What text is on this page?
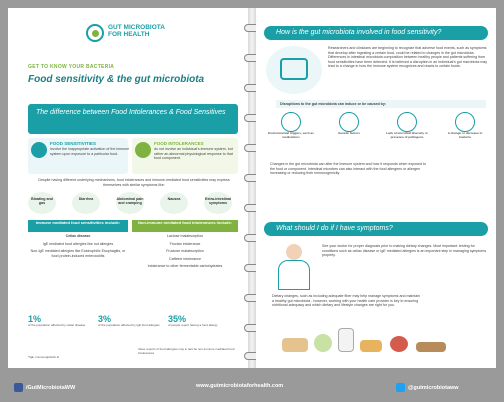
GUT MICROBIOTA
FOR HEALTH
GET TO KNOW YOUR BACTERIA
Food sensitivity & the gut microbiota
The difference between Food Intolerances & Food Sensitives
FOOD SENSITIVITIES
involve the inappropriate activation of the immune system upon exposure to a particular food.
FOOD INTOLERANCES
do not involve an individual's immune system, but rather an abnormal physiological response to that food component.
Despite having different underlying mechanisms, food intolerances and immune-mediated food sensitivities may express themselves with similar symptoms like:
Bloating and gas
Diarrhea	Abdominal pain and cramping
Nausea	Extra-intestinal symptoms
Immune mediated food sensitivities include:	Non-immune mediated food intolerances include:
Celiac disease
IgE mediated food allergies like nut allergies
Non-IgE mediated allergies like Eosinophilic Esophagitis, or food protein-induced enterocolitis
Lactose malabsorption
Fructan intolerance
Fructose malabsorption
Caffeine intolerance
Intolerance to other fermentable carbohydrates
1%
of the population affected by celiac disease
3%
of the population affected by IgE food allergies
35%
of people report having a food allergy
these reports of food allergies may in fact be non-immune mediated food intolerances
*IgE: immunoglobulin E
How is the gut microbiota involved in food sensitivity?
Researchers and clinicians are beginning to recognize that adverse food events, such as symptoms that develop after ingesting a certain food, could be related to changes in the gut microbiota. Differences in intestinal microbiota composition between healthy people and patients suffering from food sensitivities have been detected. It is believed a disruption in an individual's gut microbiota may lead to a change in how the immune system recognizes and reacts to certain foods.
Disruptions to the gut microbiota can induce or be caused by:
Environmental triggers, such as medications
Genetic factors	Lack of microbial diversity or presence of pathogens
A change or decrease in bacteria
Changes in the gut microbiota can alter the immune system and how it responds when exposed to the food or component. Intestinal microbes can also interact with the food allergens or allergen increasing or reducing their immunogenicity.
What should I do if I have symptoms?
See your doctor for proper diagnosis prior to making dietary changes. Most important: testing for conditions such as celiac disease or IgE mediated allergies is an important step in managing symptoms properly.
Dietary changes, such as including adequate fiber may help manage symptoms and maintain a healthy gut microbiota - however, working with your health care provider is key to ensuring nutritional adequacy and which dietary and lifestyle changes are right for you.
/GutMicrobiotaWW	www.gutmicrobiotaforhealth.com	@gutmicrobiotaww
